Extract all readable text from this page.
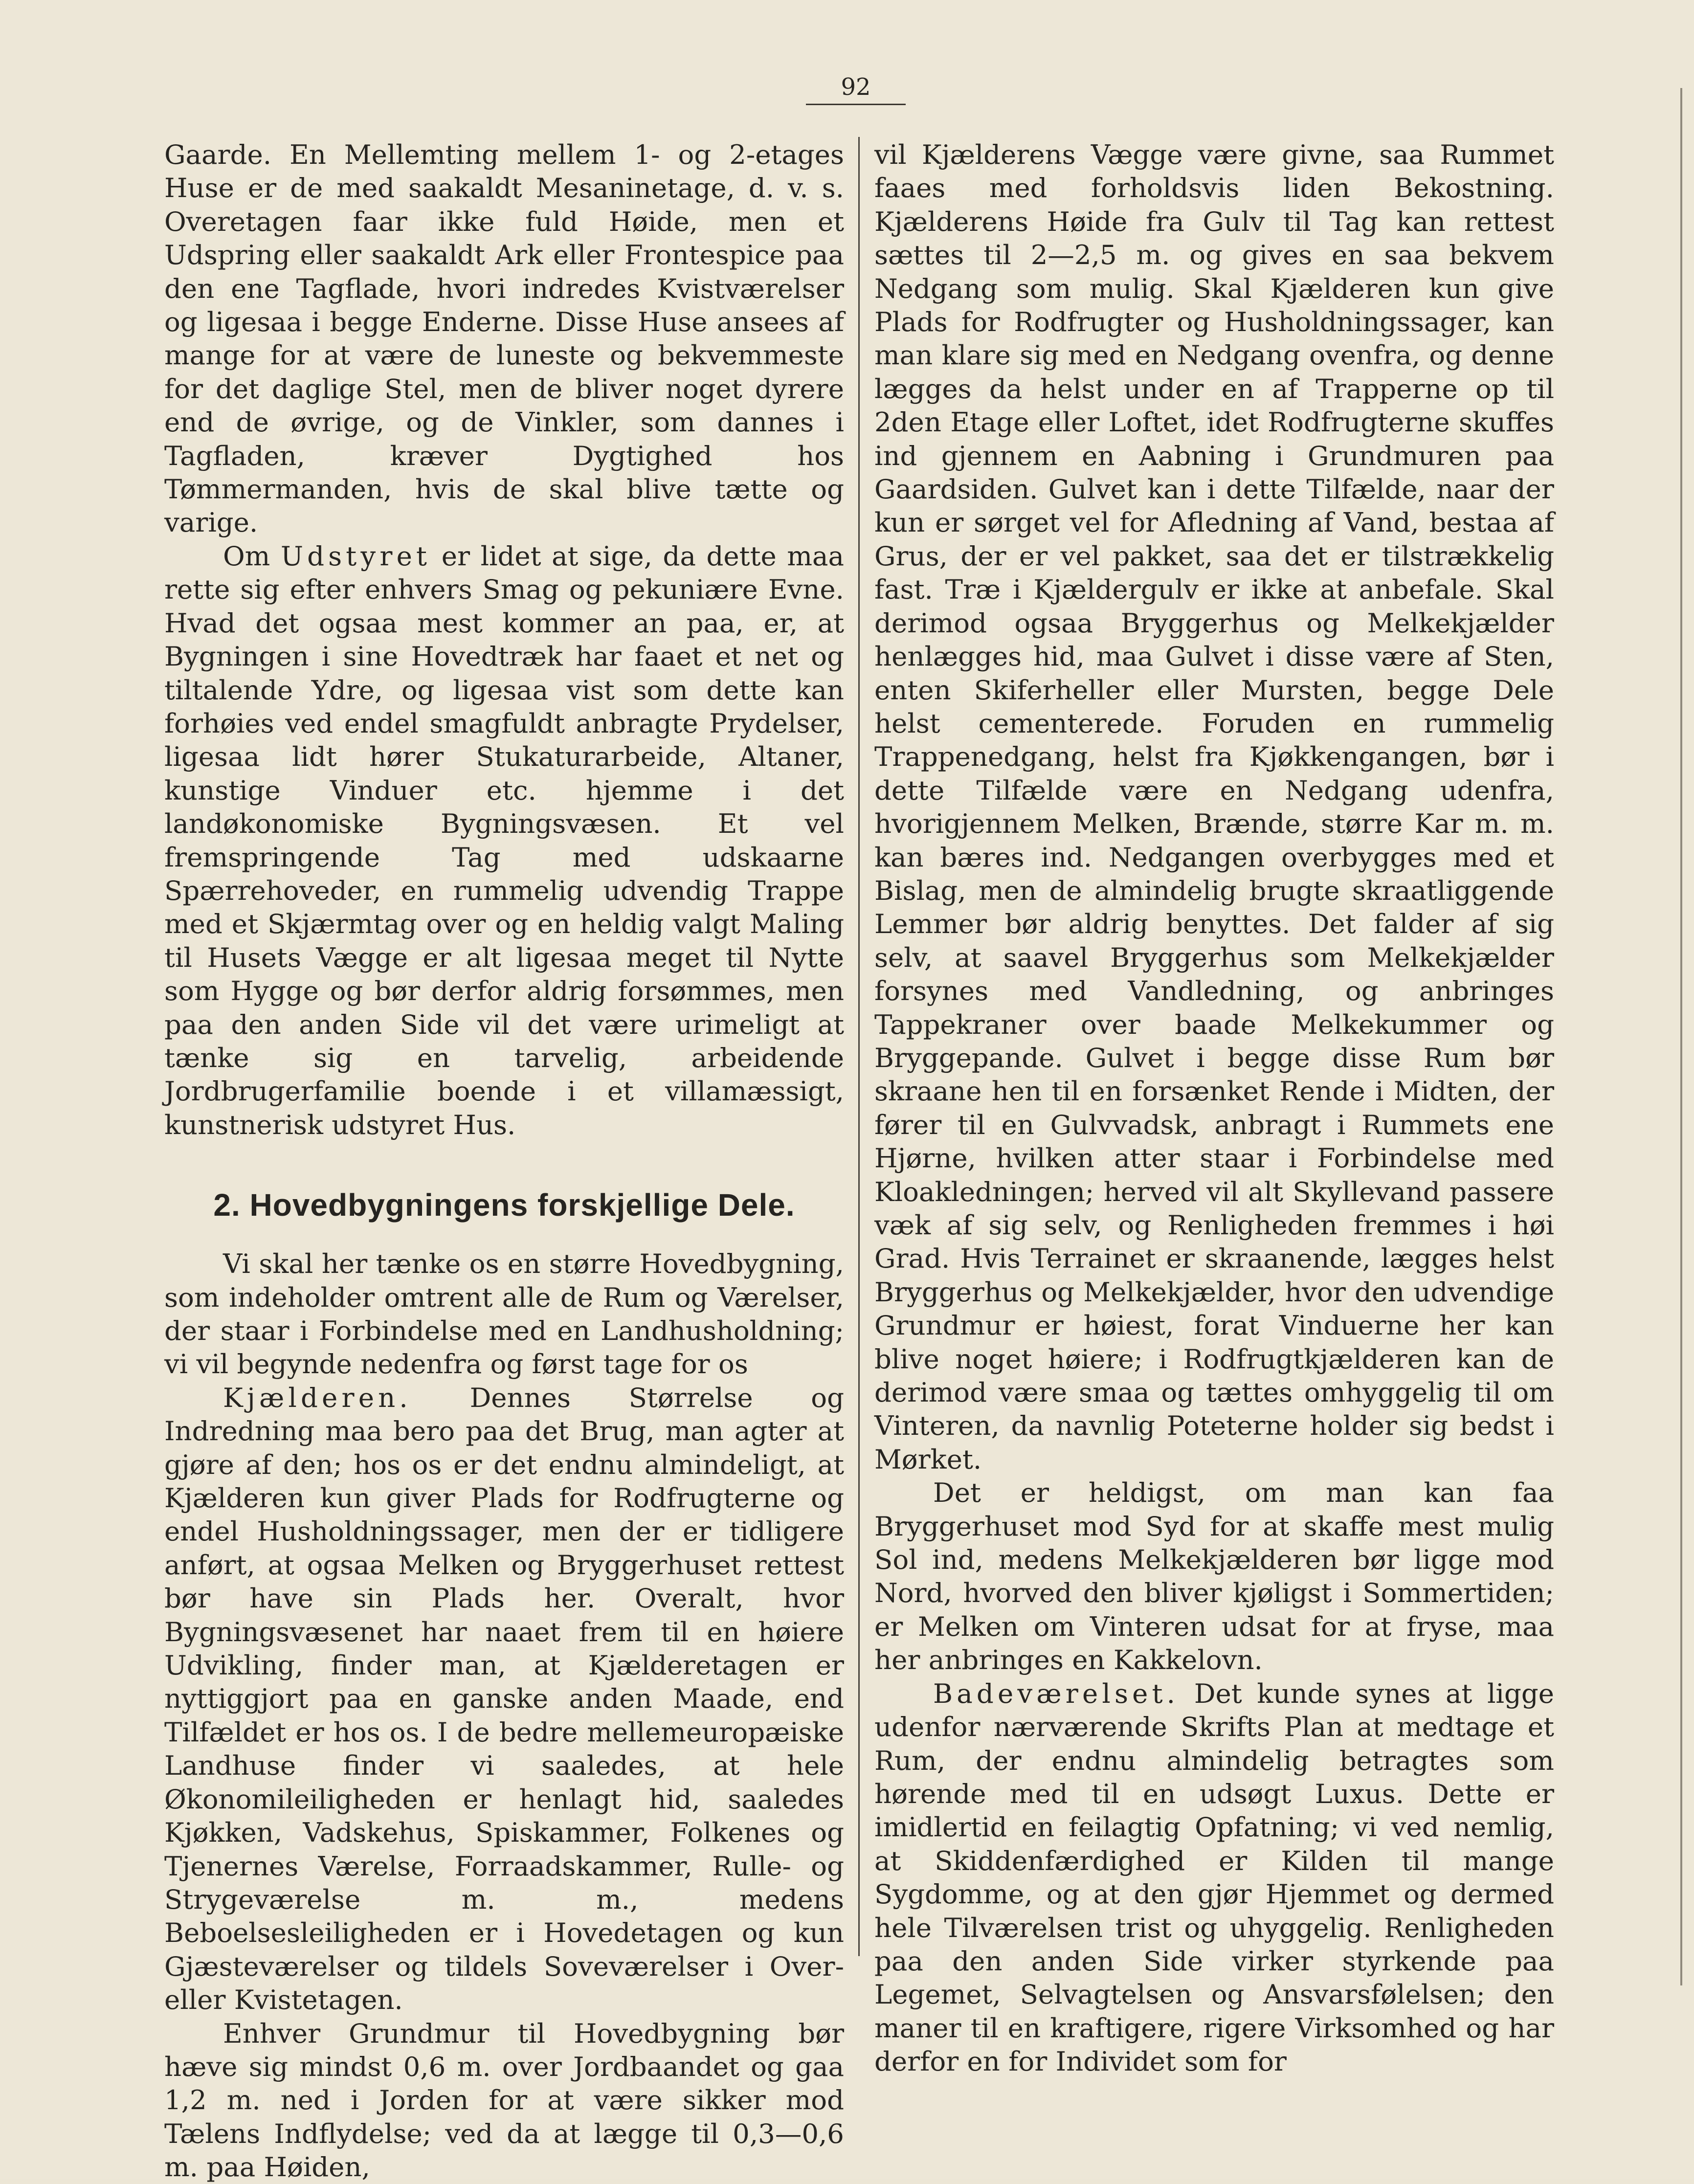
92

Gaarde. En Mellemting mellem 1- og 2-etages Huse er de med saakaldt Mesaninetage, d. v. s. Overetagen faar ikke fuld Høide, men et Udspring eller saakaldt Ark eller Frontespice paa den ene Tagflade, hvori indredes Kvistværelser og ligesaa i begge Enderne. Disse Huse ansees af mange for at være de luneste og bekvemmeste for det daglige Stel, men de bliver noget dyrere end de øvrige, og de Vinkler, som dannes i Tagfladen, kræver Dygtighed hos Tømmermanden, hvis de skal blive tætte og varige.

Om Udstyret er lidet at sige, da dette maa rette sig efter enhvers Smag og pekuniære Evne. Hvad det ogsaa mest kommer an paa, er, at Bygningen i sine Hovedtræk har faaet et net og tiltalende Ydre, og ligesaa vist som dette kan forhøies ved endel smagfuldt anbragte Prydelser, ligesaa lidt hører Stukaturarbeide, Altaner, kunstige Vinduer etc. hjemme i det landøkonomiske Bygningsvæsen. Et vel fremspringende Tag med udskaarne Spærrehoveder, en rummelig udvendig Trappe med et Skjærmtag over og en heldig valgt Maling til Husets Vægge er alt ligesaa meget til Nytte som Hygge og bør derfor aldrig forsømmes, men paa den anden Side vil det være urimeligt at tænke sig en tarvelig, arbeidende Jordbrugerfamilie boende i et villamæssigt, kunstnerisk udstyret Hus.

2. Hovedbygningens forskjellige Dele.

Vi skal her tænke os en større Hovedbygning, som indeholder omtrent alle de Rum og Værelser, der staar i Forbindelse med en Landhusholdning; vi vil begynde nedenfra og først tage for os

Kjælderen. Dennes Størrelse og Indredning maa bero paa det Brug, man agter at gjøre af den; hos os er det endnu almindeligt, at Kjælderen kun giver Plads for Rodfrugterne og endel Husholdningssager, men der er tidligere anført, at ogsaa Melken og Bryggerhuset rettest bør have sin Plads her. Overalt, hvor Bygningsvæsenet har naaet frem til en høiere Udvikling, finder man, at Kjælderetagen er nyttiggjort paa en ganske anden Maade, end Tilfældet er hos os. I de bedre mellemeuropæiske Landhuse finder vi saaledes, at hele Økonomileiligheden er henlagt hid, saaledes Kjøkken, Vadskehus, Spiskammer, Folkenes og Tjenernes Værelse, Forraadskammer, Rulle- og Strygeværelse m. m., medens Beboelsesleiligheden er i Hovedetagen og kun Gjæsteværelser og tildels Soveværelser i Over- eller Kvistetagen.

Enhver Grundmur til Hovedbygning bør hæve sig mindst 0,6 m. over Jordbaandet og gaa 1,2 m. ned i Jorden for at være sikker mod Tælens Indflydelse; ved da at lægge til 0,3—0,6 m. paa Høiden,

vil Kjælderens Vægge være givne, saa Rummet faaes med forholdsvis liden Bekostning. Kjælderens Høide fra Gulv til Tag kan rettest sættes til 2—2,5 m. og gives en saa bekvem Nedgang som mulig. Skal Kjælderen kun give Plads for Rodfrugter og Husholdningssager, kan man klare sig med en Nedgang ovenfra, og denne lægges da helst under en af Trapperne op til 2den Etage eller Loftet, idet Rodfrugterne skuffes ind gjennem en Aabning i Grundmuren paa Gaardsiden. Gulvet kan i dette Tilfælde, naar der kun er sørget vel for Afledning af Vand, bestaa af Grus, der er vel pakket, saa det er tilstrækkelig fast. Træ i Kjældergulv er ikke at anbefale. Skal derimod ogsaa Bryggerhus og Melkekjælder henlægges hid, maa Gulvet i disse være af Sten, enten Skiferheller eller Mursten, begge Dele helst cementerede. Foruden en rummelig Trappenedgang, helst fra Kjøkkengangen, bør i dette Tilfælde være en Nedgang udenfra, hvorigjennem Melken, Brænde, større Kar m. m. kan bæres ind. Nedgangen overbygges med et Bislag, men de almindelig brugte skraatliggende Lemmer bør aldrig benyttes. Det falder af sig selv, at saavel Bryggerhus som Melkekjælder forsynes med Vandledning, og anbringes Tappekraner over baade Melkekummer og Bryggepande. Gulvet i begge disse Rum bør skraane hen til en forsænket Rende i Midten, der fører til en Gulvvadsk, anbragt i Rummets ene Hjørne, hvilken atter staar i Forbindelse med Kloakledningen; herved vil alt Skyllevand passere væk af sig selv, og Renligheden fremmes i høi Grad. Hvis Terrainet er skraanende, lægges helst Bryggerhus og Melkekjælder, hvor den udvendige Grundmur er høiest, forat Vinduerne her kan blive noget høiere; i Rodfrugtkjælderen kan de derimod være smaa og tættes omhyggelig til om Vinteren, da navnlig Poteterne holder sig bedst i Mørket.

Det er heldigst, om man kan faa Bryggerhuset mod Syd for at skaffe mest mulig Sol ind, medens Melkekjælderen bør ligge mod Nord, hvorved den bliver kjøligst i Sommertiden; er Melken om Vinteren udsat for at fryse, maa her anbringes en Kakkelovn.

Badeværelset. Det kunde synes at ligge udenfor nærværende Skrifts Plan at medtage et Rum, der endnu almindelig betragtes som hørende med til en udsøgt Luxus. Dette er imidlertid en feilagtig Opfatning; vi ved nemlig, at Skiddenfærdighed er Kilden til mange Sygdomme, og at den gjør Hjemmet og dermed hele Tilværelsen trist og uhyggelig. Renligheden paa den anden Side virker styrkende paa Legemet, Selvagtelsen og Ansvarsfølelsen; den maner til en kraftigere, rigere Virksomhed og har derfor en for Individet som for
